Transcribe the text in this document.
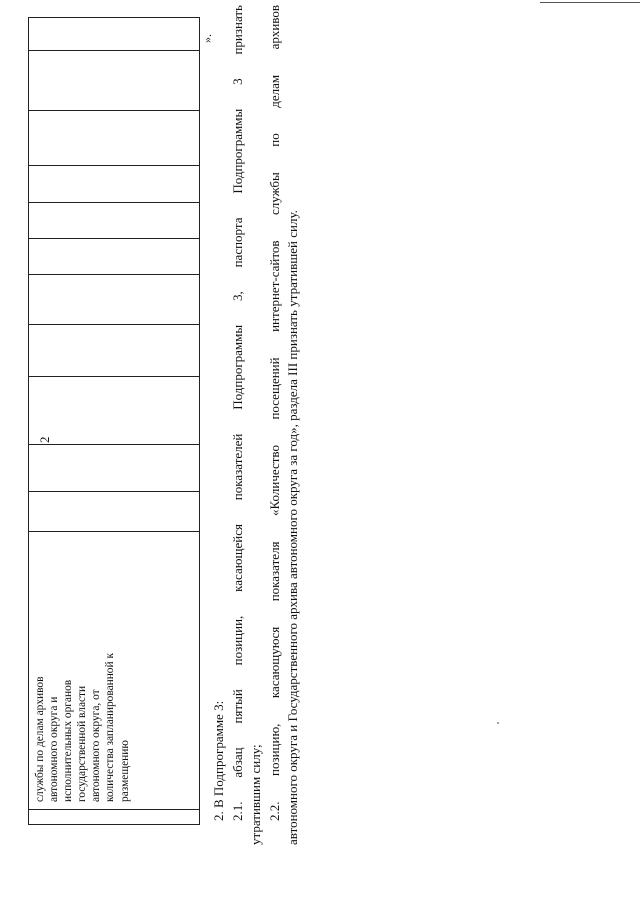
2
службы по делам архивов
автономного округа и
исполнительных органов
государственной власти
автономного округа, от
количества запланированной к
размещению
».
2. В Подпрограмме 3: 2.1. абзац пятый позиции, касающейся показателей Подпрограммы 3, паспорта Подпрограммы 3 признать утратившим силу; 2.2. позицию, касающуюся показателя «Количество посещений интернет-сайтов службы по делам архивов автономного округа и Государственного архива автономного округа за год», раздела III признать утратившей силу.
